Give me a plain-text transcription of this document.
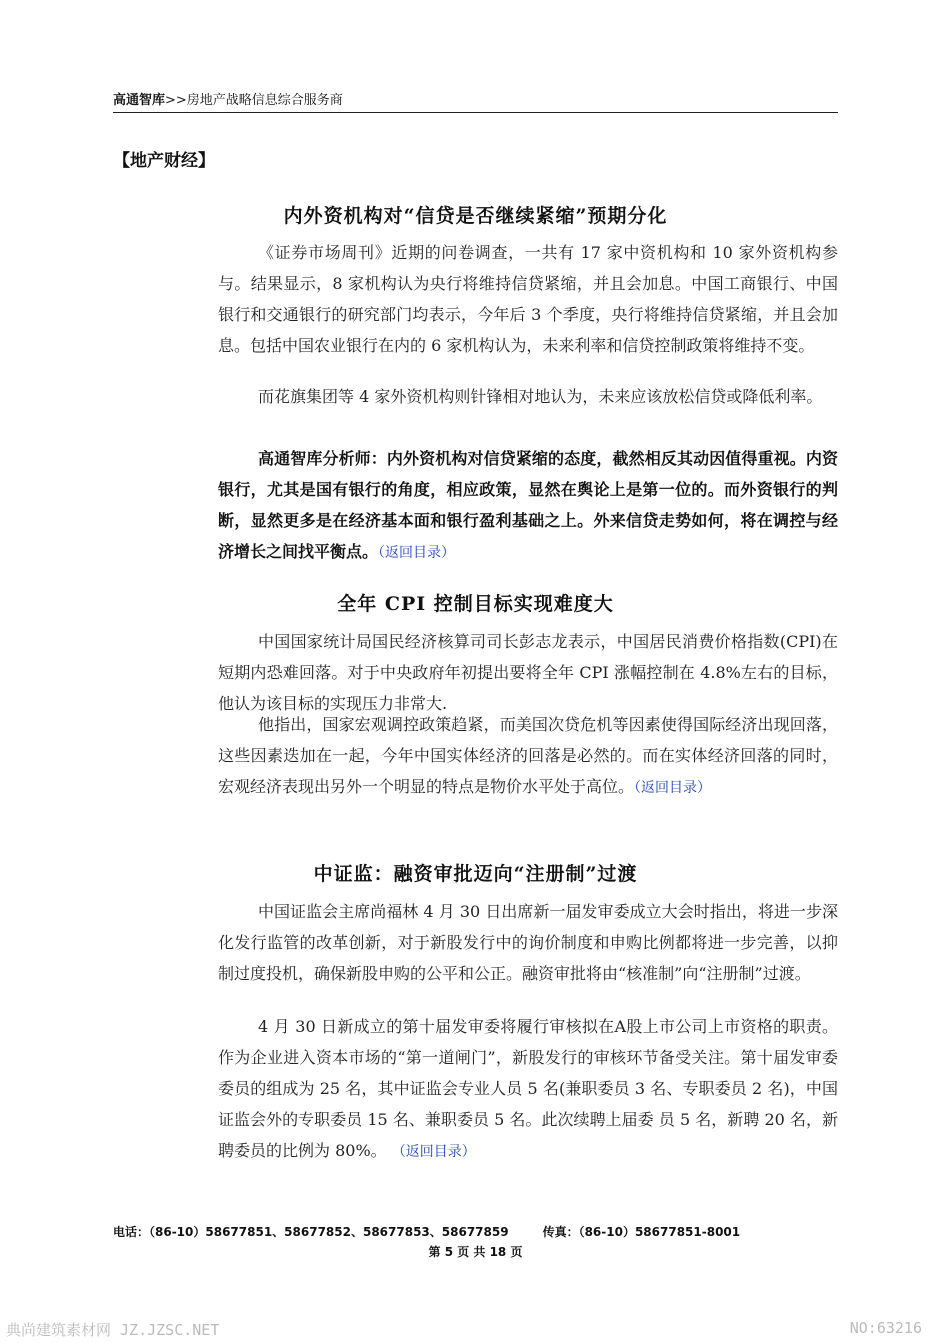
高通智库>>房地产战略信息综合服务商
【地产财经】
内外资机构对“信贷是否继续紧缩”预期分化

《证券市场周刊》近期的问卷调查，一共有 17 家中资机构和 10 家外资机构参与。结果显示，8 家机构认为央行将维持信贷紧缩，并且会加息。中国工商银行、中国银行和交通银行的研究部门均表示，今年后 3 个季度，央行将维持信贷紧缩，并且会加息。包括中国农业银行在内的 6 家机构认为，未来利率和信贷控制政策将维持不变。

而花旗集团等 4 家外资机构则针锋相对地认为，未来应该放松信贷或降低利率。

高通智库分析师：内外资机构对信贷紧缩的态度，截然相反其动因值得重视。内资银行，尤其是国有银行的角度，相应政策，显然在舆论上是第一位的。而外资银行的判断，显然更多是在经济基本面和银行盈利基础之上。外来信贷走势如何，将在调控与经济增长之间找平衡点。（返回目录）

全年 CPI 控制目标实现难度大

中国国家统计局国民经济核算司司长彭志龙表示，中国居民消费价格指数(CPI)在短期内恐难回落。对于中央政府年初提出要将全年 CPI 涨幅控制在 4.8%左右的目标，他认为该目标的实现压力非常大.

他指出，国家宏观调控政策趋紧，而美国次贷危机等因素使得国际经济出现回落，这些因素迭加在一起，今年中国实体经济的回落是必然的。而在实体经济回落的同时，宏观经济表现出另外一个明显的特点是物价水平处于高位。（返回目录）

中证监：融资审批迈向“注册制”过渡

中国证监会主席尚福林 4 月 30 日出席新一届发审委成立大会时指出，将进一步深化发行监管的改革创新，对于新股发行中的询价制度和申购比例都将进一步完善，以抑制过度投机，确保新股申购的公平和公正。融资审批将由“核准制”向“注册制”过渡。

4 月 30 日新成立的第十届发审委将履行审核拟在A股上市公司上市资格的职责。作为企业进入资本市场的“第一道闸门”，新股发行的审核环节备受关注。第十届发审委委员的组成为 25 名，其中证监会专业人员 5 名(兼职委员 3 名、专职委员 2 名)，中国证监会外的专职委员 15 名、兼职委员 5 名。此次续聘上届委 员 5 名，新聘 20 名，新聘委员的比例为 80%。 （返回目录）

电话：（86-10）58677851、58677852、58677853、58677859	传真：（86-10）58677851-8001
第 5 页 共 18 页
典尚建筑素材网 JZ.JZSC.NET	NO:63216
